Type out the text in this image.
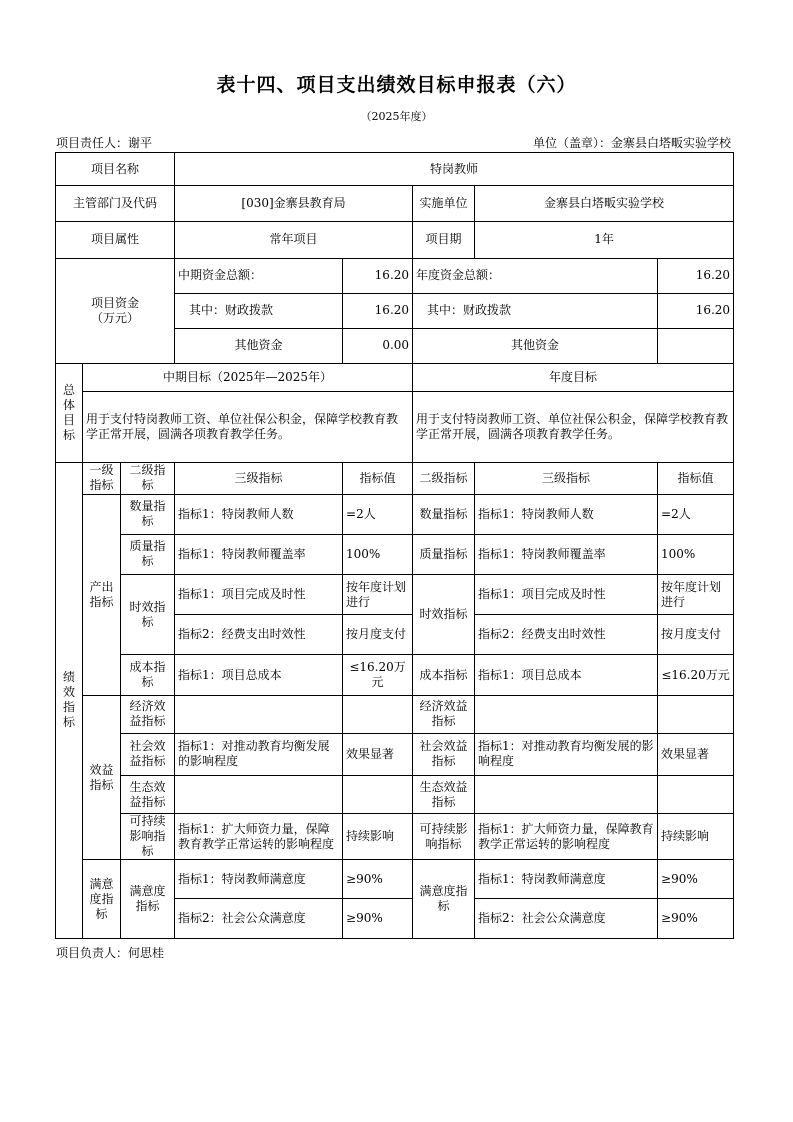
表十四、项目支出绩效目标申报表（六）
（2025年度）
项目责任人：谢平	单位（盖章）：金寨县白塔畈实验学校
项目名称			特岗教师				
主管部门及代码			[030]金寨县教育局		实施单位	金寨县白塔畈实验学校	
项目属性			常年项目		项目期	1年	
项目资金（万元）			中期资金总额：	16.20	年度资金总额：		16.20
			其中：财政拨款	16.20	其中：财政拨款		16.20
			其他资金	0.00	其他资金		
总体目标	中期目标（2025年—2025年）				年度目标		
	用于支付特岗教师工资、单位社保公积金，保障学校教育教学正常开展，圆满各项教育教学任务。				用于支付特岗教师工资、单位社保公积金，保障学校教育教学正常开展，圆满各项教育教学任务。		
绩效指标	一级指标	二级指标	三级指标	指标值	二级指标	三级指标	指标值
	产出指标	数量指标	指标1：特岗教师人数	=2人	数量指标	指标1：特岗教师人数	=2人
		质量指标	指标1：特岗教师覆盖率	100%	质量指标	指标1：特岗教师覆盖率	100%
		时效指标	指标1：项目完成及时性	按年度计划进行	时效指标	指标1：项目完成及时性	按年度计划进行
			指标2：经费支出时效性	按月度支付		指标2：经费支出时效性	按月度支付
		成本指标	指标1：项目总成本	≤16.20万元	成本指标	指标1：项目总成本	≤16.20万元
	效益指标	经济效益指标			经济效益指标		
		社会效益指标	指标1：对推动教育均衡发展的影响程度	效果显著	社会效益指标	指标1：对推动教育均衡发展的影响程度	效果显著
		生态效益指标			生态效益指标		
		可持续影响指标	指标1：扩大师资力量，保障教育教学正常运转的影响程度	持续影响	可持续影响指标	指标1：扩大师资力量，保障教育教学正常运转的影响程度	持续影响
	满意度指标	满意度指标	指标1：特岗教师满意度	≥90%	满意度指标	指标1：特岗教师满意度	≥90%
			指标2：社会公众满意度	≥90%		指标2：社会公众满意度	≥90%
项目负责人：何思桂
